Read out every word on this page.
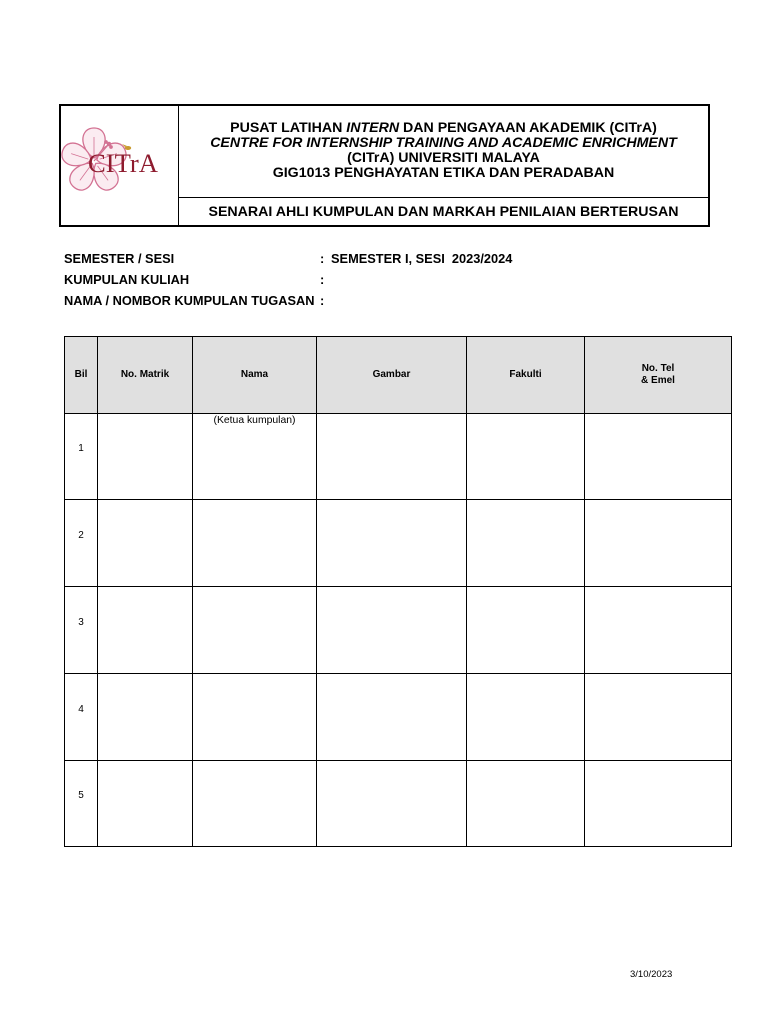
CITrA
PUSAT LATIHAN INTERN DAN PENGAYAAN AKADEMIK (CITrA)
CENTRE FOR INTERNSHIP TRAINING AND ACADEMIC ENRICHMENT
(CITrA) UNIVERSITI MALAYA
GIG1013 PENGHAYATAN ETIKA DAN PERADABAN
SENARAI AHLI KUMPULAN DAN MARKAH PENILAIAN BERTERUSAN
SEMESTER / SESI	: SEMESTER I, SESI  2023/2024
KUMPULAN KULIAH	:
NAMA / NOMBOR KUMPULAN TUGASAN :
Bil	No. Matrik	Nama	Gambar	Fakulti	No. Tel
& Emel
1		(Ketua kumpulan)			
2					
3					
4					
5					
3/10/2023
